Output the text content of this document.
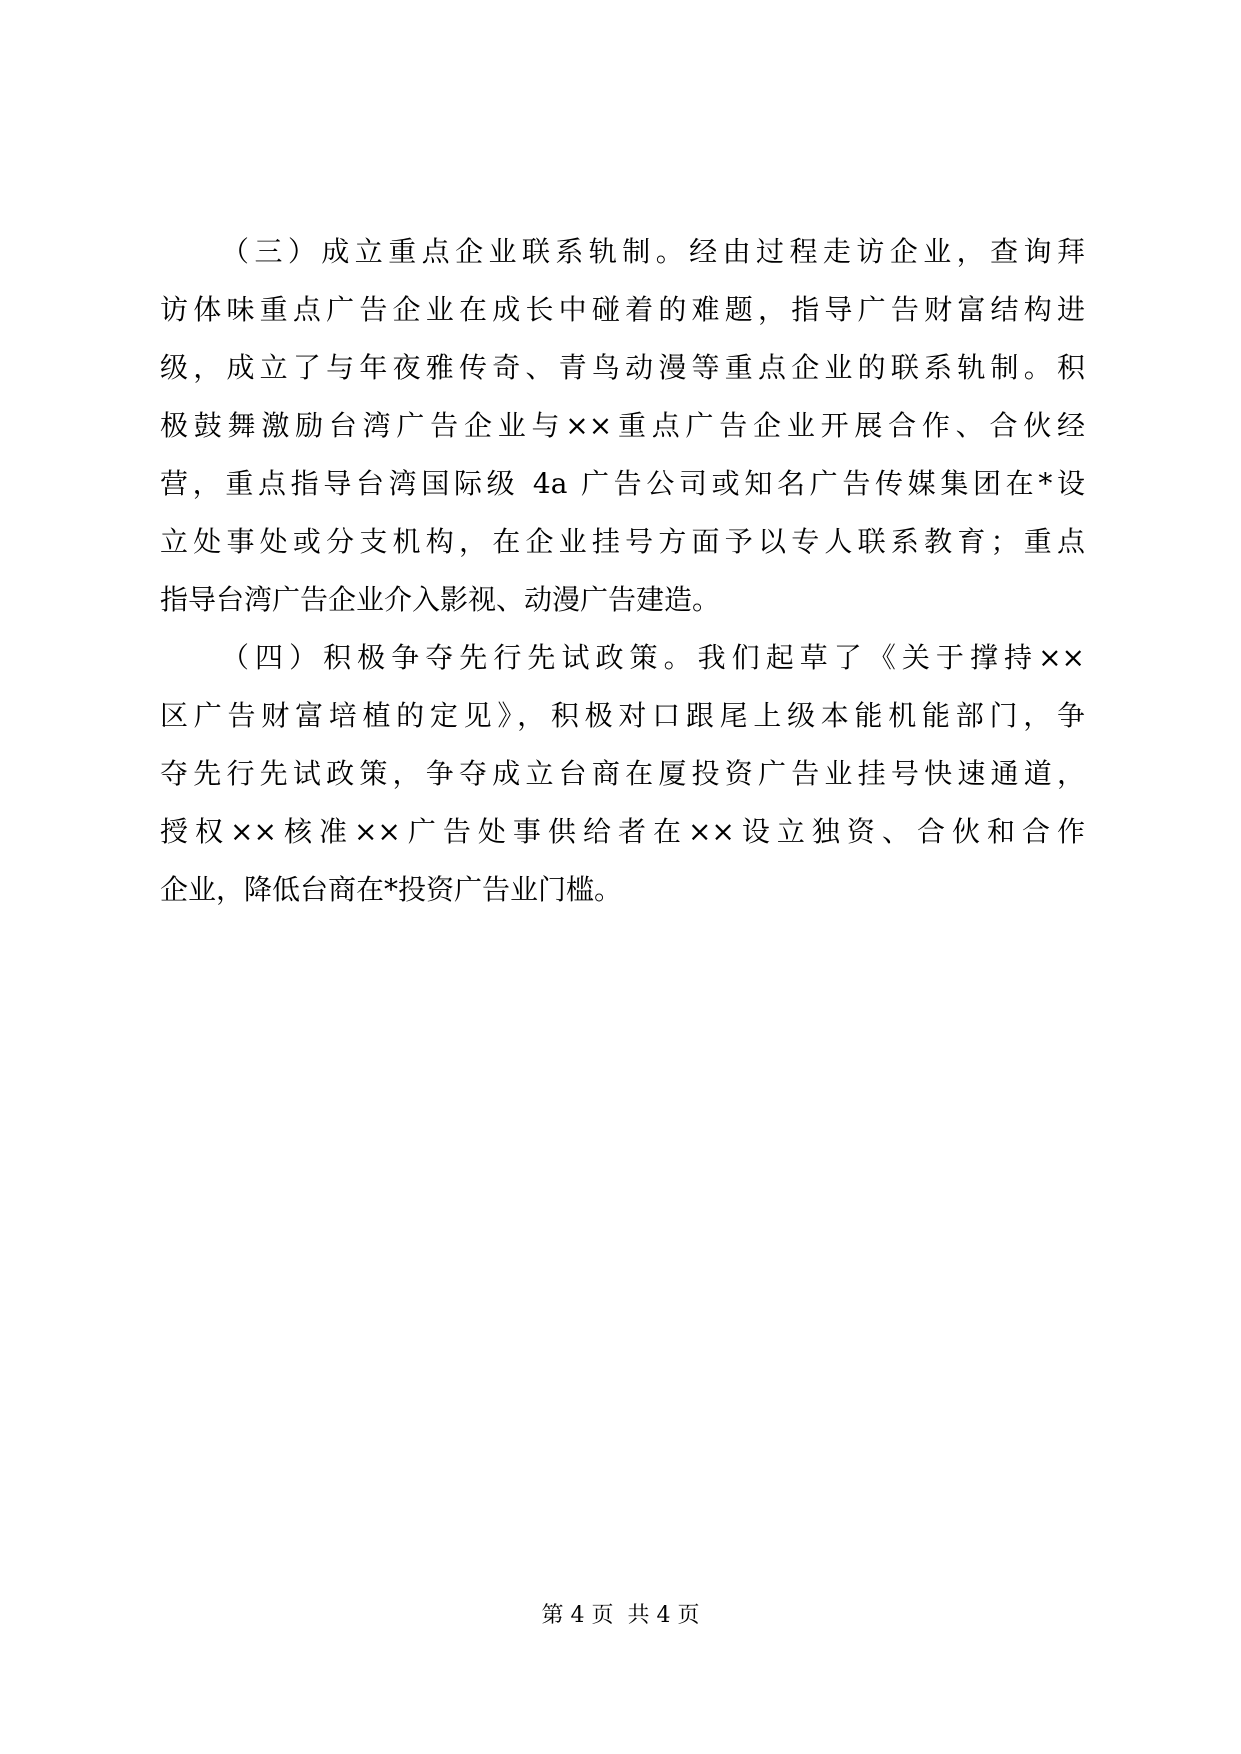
（三）成立重点企业联系轨制。经由过程走访企业，查询拜

访体味重点广告企业在成长中碰着的难题，指导广告财富结构进

级，成立了与年夜雅传奇、青鸟动漫等重点企业的联系轨制。积

极鼓舞激励台湾广告企业与××重点广告企业开展合作、合伙经

营，重点指导台湾国际级 4a 广告公司或知名广告传媒集团在*设

立处事处或分支机构，在企业挂号方面予以专人联系教育；重点

指导台湾广告企业介入影视、动漫广告建造。

（四）积极争夺先行先试政策。我们起草了《关于撑持××

区广告财富培植的定见》，积极对口跟尾上级本能机能部门，争

夺先行先试政策，争夺成立台商在厦投资广告业挂号快速通道，

授权××核准××广告处事供给者在××设立独资、合伙和合作

企业，降低台商在*投资广告业门槛。

第 4 页  共 4 页
